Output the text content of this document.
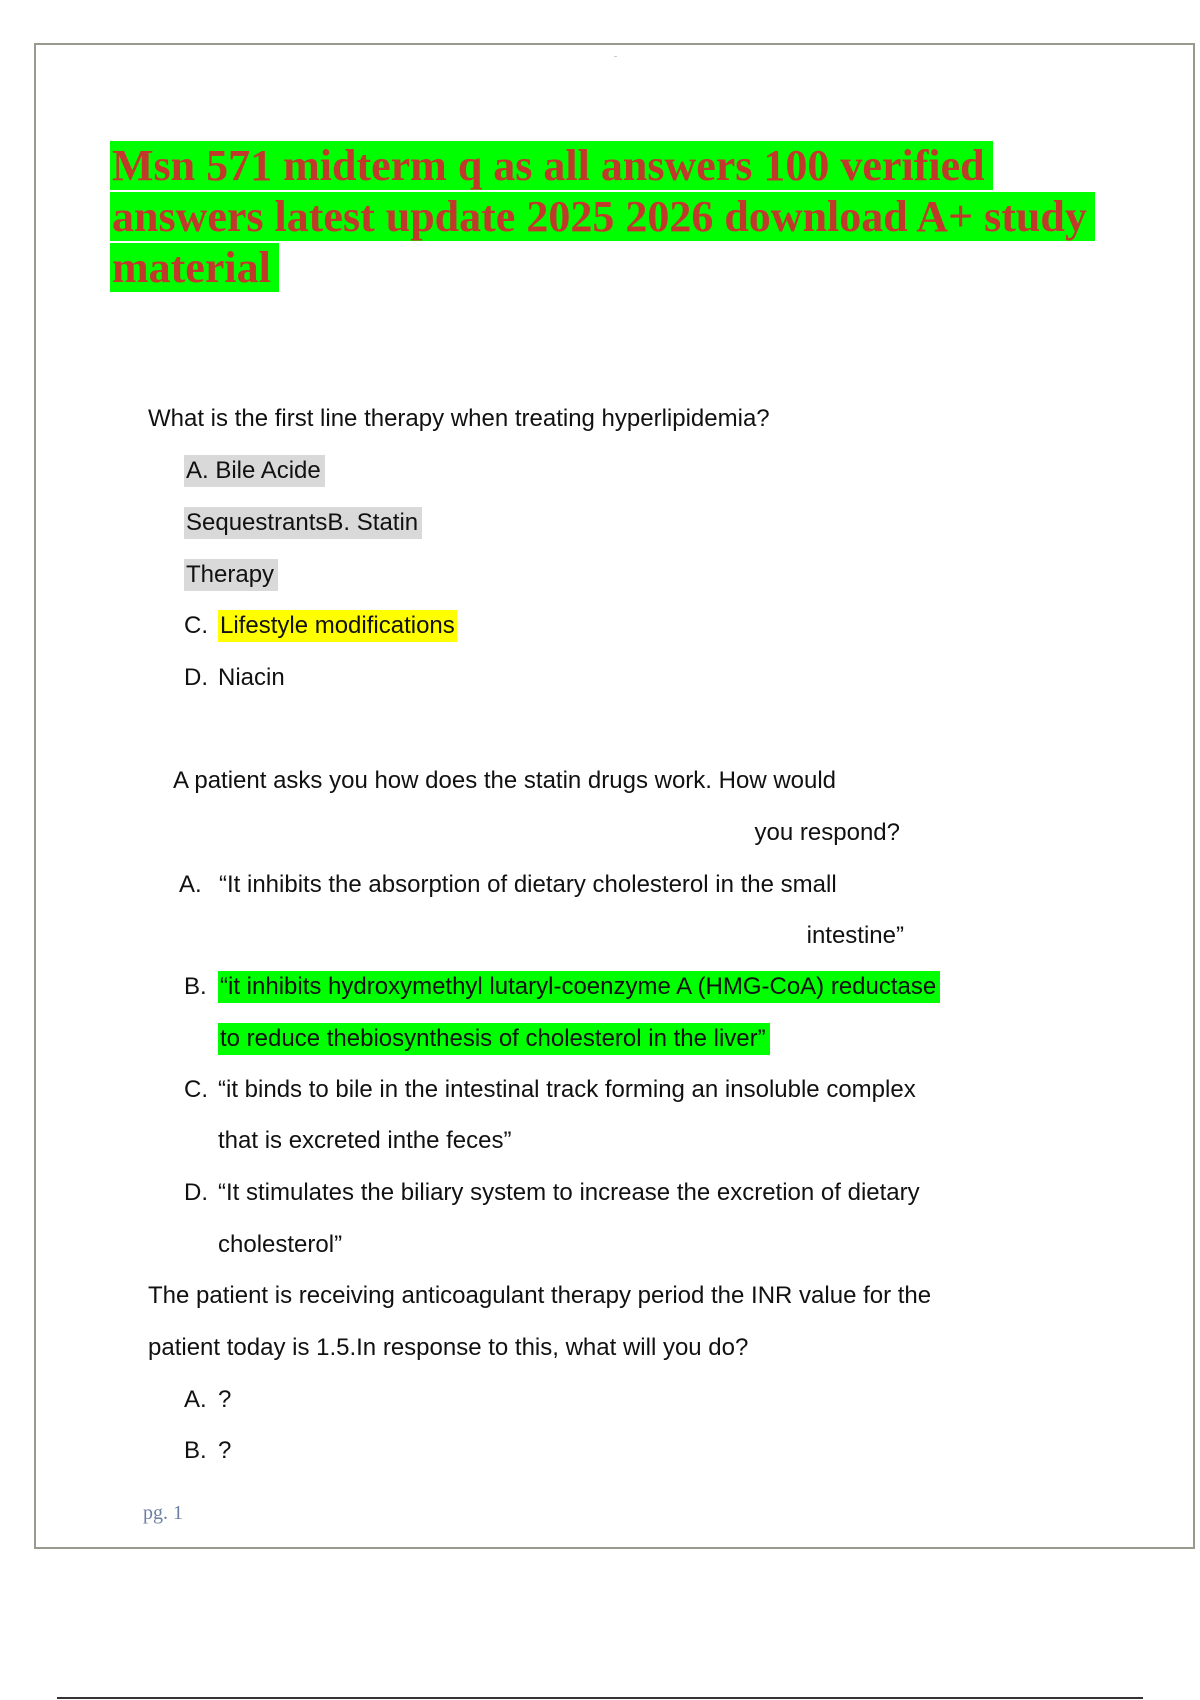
Msn 571 midterm q as all answers 100 verified answers latest update 2025 2026 download A+ study material

What is the first line therapy when treating hyperlipidemia?

A. Bile Acide

SequestrantsB. Statin

Therapy

C. Lifestyle modifications

D. Niacin

A patient asks you how does the statin drugs work. How would

you respond?

A. “It inhibits the absorption of dietary cholesterol in the small

intestine”

B. “it inhibits hydroxymethyl lutaryl-coenzyme A (HMG-CoA) reductase

to reduce thebiosynthesis of cholesterol in the liver”

C. “it binds to bile in the intestinal track forming an insoluble complex

that is excreted inthe feces”

D. “It stimulates the biliary system to increase the excretion of dietary

cholesterol”

The patient is receiving anticoagulant therapy period the INR value for the

patient today is 1.5.In response to this, what will you do?

A. ?

B. ?

pg. 1
